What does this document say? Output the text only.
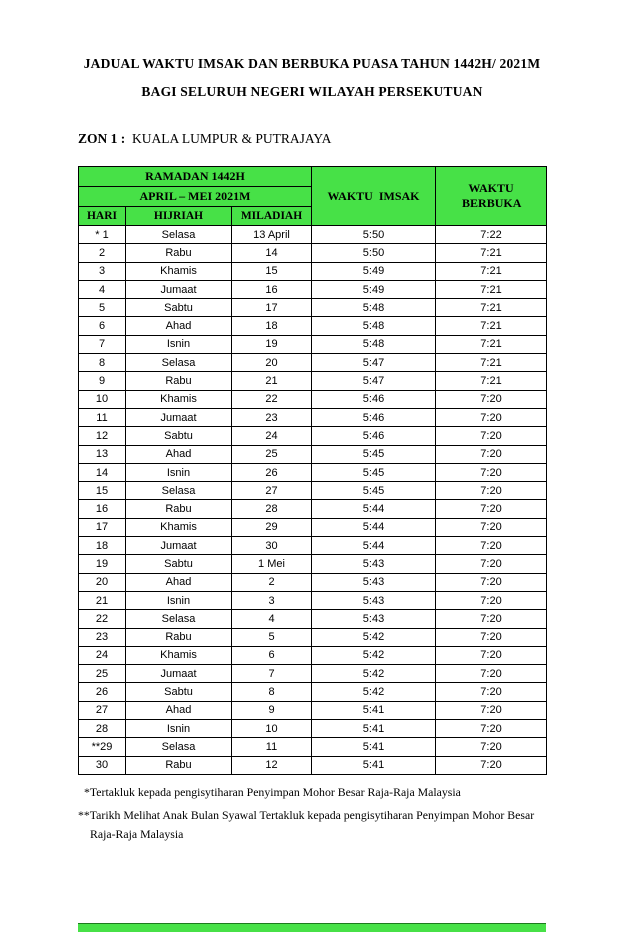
JADUAL WAKTU IMSAK DAN BERBUKA PUASA TAHUN 1442H/ 2021M
BAGI SELURUH NEGERI WILAYAH PERSEKUTUAN
ZON 1 : KUALA LUMPUR & PUTRAJAYA
RAMADAN 1442H			WAKTU  IMSAK	WAKTU BERBUKA
APRIL – MEI 2021M				
HARI	HIJRIAH	MILADIAH		
* 1	Selasa	13 April	5:50	7:22
2	Rabu	14	5:50	7:21
3	Khamis	15	5:49	7:21
4	Jumaat	16	5:49	7:21
5	Sabtu	17	5:48	7:21
6	Ahad	18	5:48	7:21
7	Isnin	19	5:48	7:21
8	Selasa	20	5:47	7:21
9	Rabu	21	5:47	7:21
10	Khamis	22	5:46	7:20
11	Jumaat	23	5:46	7:20
12	Sabtu	24	5:46	7:20
13	Ahad	25	5:45	7:20
14	Isnin	26	5:45	7:20
15	Selasa	27	5:45	7:20
16	Rabu	28	5:44	7:20
17	Khamis	29	5:44	7:20
18	Jumaat	30	5:44	7:20
19	Sabtu	1 Mei	5:43	7:20
20	Ahad	2	5:43	7:20
21	Isnin	3	5:43	7:20
22	Selasa	4	5:43	7:20
23	Rabu	5	5:42	7:20
24	Khamis	6	5:42	7:20
25	Jumaat	7	5:42	7:20
26	Sabtu	8	5:42	7:20
27	Ahad	9	5:41	7:20
28	Isnin	10	5:41	7:20
**29	Selasa	11	5:41	7:20
30	Rabu	12	5:41	7:20
*Tertakluk kepada pengisytiharan Penyimpan Mohor Besar Raja-Raja Malaysia
**Tarikh Melihat Anak Bulan Syawal Tertakluk kepada pengisytiharan Penyimpan Mohor Besar
Raja-Raja Malaysia
